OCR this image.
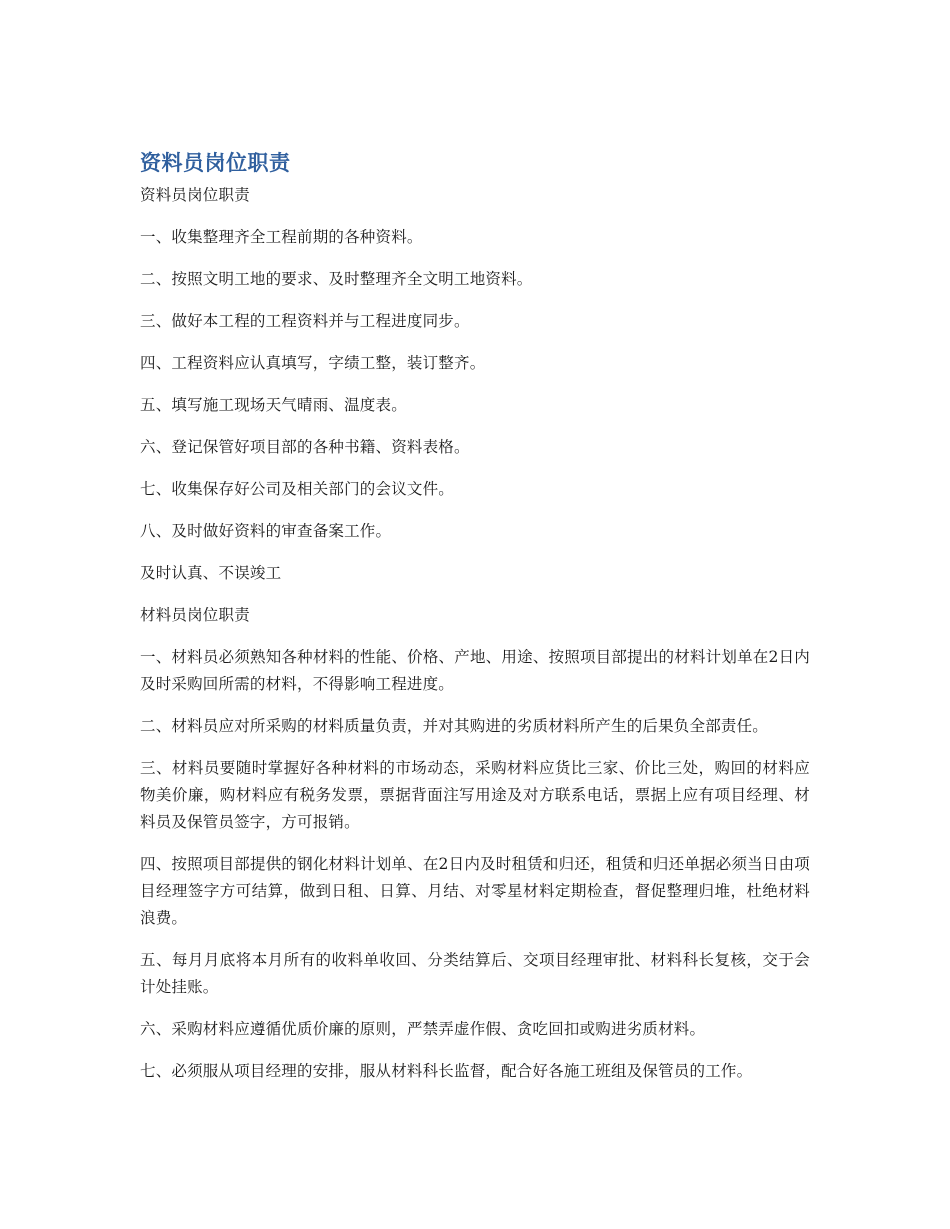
资料员岗位职责

资料员岗位职责

一、收集整理齐全工程前期的各种资料。

二、按照文明工地的要求、及时整理齐全文明工地资料。

三、做好本工程的工程资料并与工程进度同步。

四、工程资料应认真填写，字绩工整，装订整齐。

五、填写施工现场天气晴雨、温度表。

六、登记保管好项目部的各种书籍、资料表格。

七、收集保存好公司及相关部门的会议文件。

八、及时做好资料的审查备案工作。

及时认真、不误竣工

材料员岗位职责

一、材料员必须熟知各种材料的性能、价格、产地、用途、按照项目部提出的材料计划单在2日内及时采购回所需的材料，不得影响工程进度。

二、材料员应对所采购的材料质量负责，并对其购进的劣质材料所产生的后果负全部责任。

三、材料员要随时掌握好各种材料的市场动态，采购材料应货比三家、价比三处，购回的材料应物美价廉，购材料应有税务发票，票据背面注写用途及对方联系电话，票据上应有项目经理、材料员及保管员签字，方可报销。

四、按照项目部提供的钢化材料计划单、在2日内及时租赁和归还，租赁和归还单据必须当日由项目经理签字方可结算，做到日租、日算、月结、对零星材料定期检查，督促整理归堆，杜绝材料浪费。

五、每月月底将本月所有的收料单收回、分类结算后、交项目经理审批、材料科长复核，交于会计处挂账。

六、采购材料应遵循优质价廉的原则，严禁弄虚作假、贪吃回扣或购进劣质材料。

七、必须服从项目经理的安排，服从材料科长监督，配合好各施工班组及保管员的工作。
